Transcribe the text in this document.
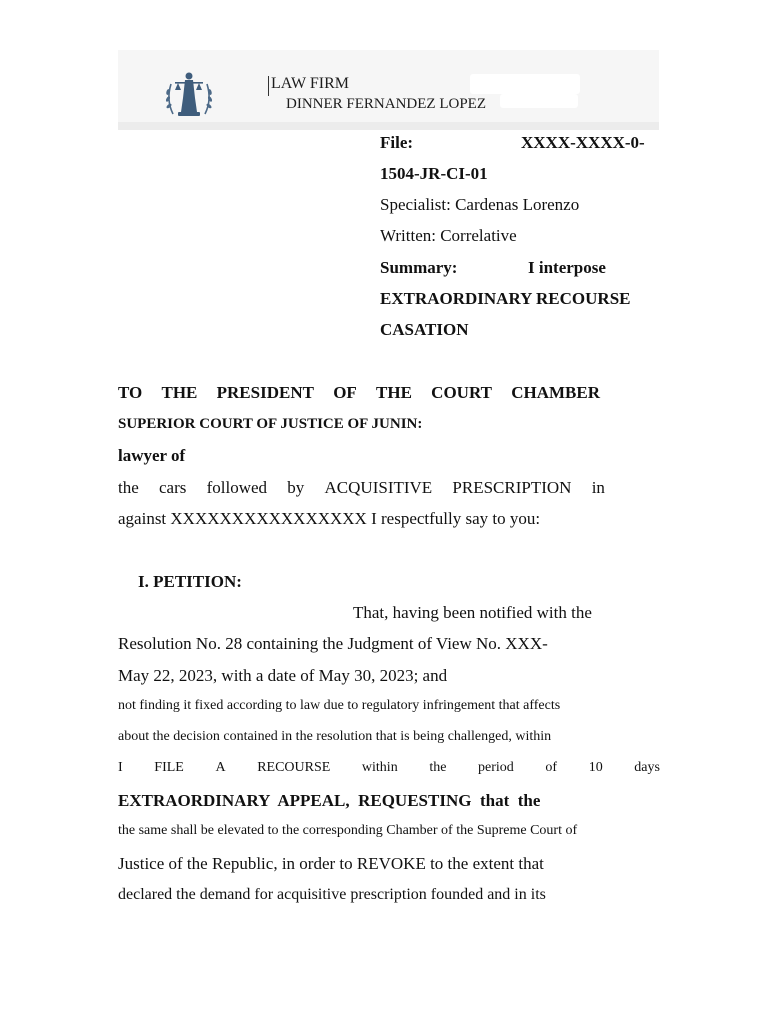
LAW FIRM
DINNER FERNANDEZ LOPEZ
File:	XXXX-XXXX-0-
1504-JR-CI-01
Specialist: Cardenas Lorenzo
Written: Correlative
Summary:	I interpose
EXTRAORDINARY RECOURSE
CASATION
TO THE PRESIDENT OF THE COURT CHAMBER
SUPERIOR COURT OF JUSTICE OF JUNIN:
lawyer of
the cars followed by ACQUISITIVE PRESCRIPTION in
against XXXXXXXXXXXXXXXX I respectfully say to you:
I. PETITION:
That, having been notified with the
Resolution No. 28 containing the Judgment of View No. XXX-
May 22, 2023, with a date of May 30, 2023; and
not finding it fixed according to law due to regulatory infringement that affects
about the decision contained in the resolution that is being challenged, within
I FILE A RECOURSE within the period of 10 days
EXTRAORDINARY  APPEAL,  REQUESTING  that  the
the same shall be elevated to the corresponding Chamber of the Supreme Court of
Justice of the Republic, in order to REVOKE to the extent that
declared the demand for acquisitive prescription founded and in its
